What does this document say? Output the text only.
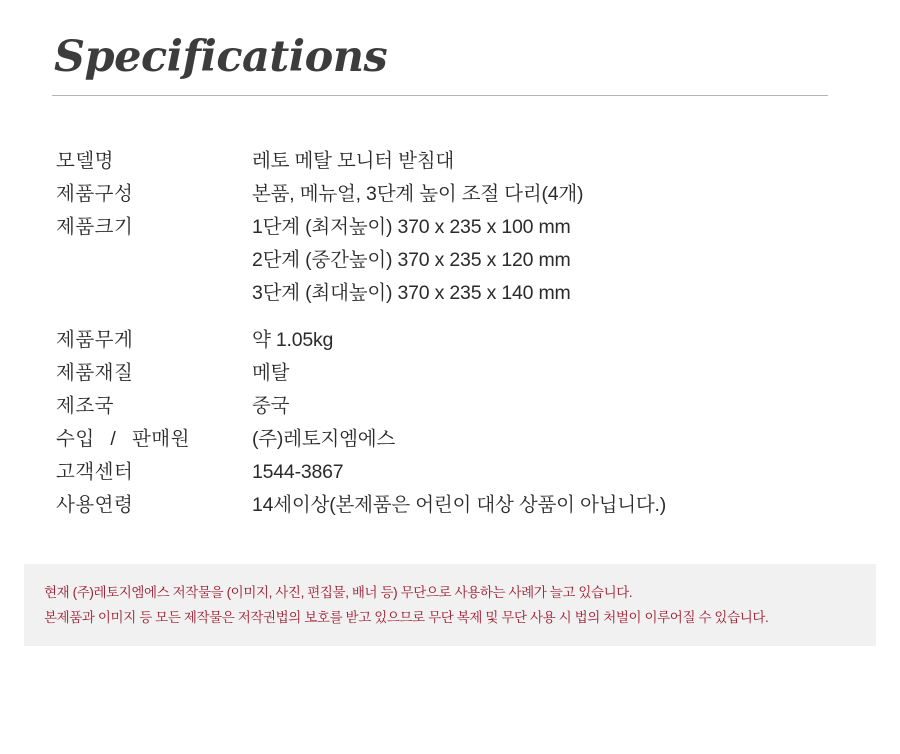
Specifications
모델명	레토 메탈 모니터 받침대

제품구성	본품, 메뉴얼, 3단계 높이 조절 다리(4개)

제품크기	1단계 (최저높이) 370 x 235 x 100 mm
2단계 (중간높이) 370 x 235 x 120 mm
3단계 (최대높이) 370 x 235 x 140 mm

제품무게	약 1.05kg

제품재질	메탈

제조국	중국

수입 / 판매원	(주)레토지엠에스

고객센터	1544-3867

사용연령	14세이상(본제품은 어린이 대상 상품이 아닙니다.)

현재 (주)레토지엠에스 저작물을 (이미지, 사진, 편집물, 배너 등) 무단으로 사용하는 사례가 늘고 있습니다.

본제품과 이미지 등 모든 제작물은 저작권법의 보호를 받고 있으므로 무단 복제 및 무단 사용 시 법의 처벌이 이루어질 수 있습니다.
